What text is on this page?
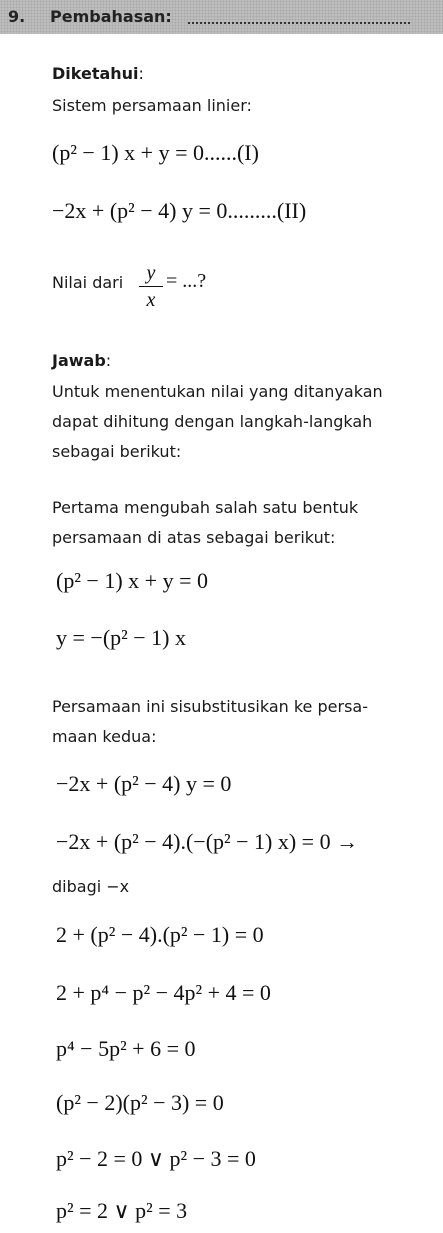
9. Pembahasan:
Diketahui:
Sistem persamaan linier:
(p² − 1) x + y = 0......(I)
−2x + (p² − 4) y = 0.........(II)
Nilai dari	y
x
= ...?
Jawab:
Untuk menentukan nilai yang ditanyakan
dapat dihitung dengan langkah-langkah
sebagai berikut:
Pertama mengubah salah satu bentuk
persamaan di atas sebagai berikut:
(p² − 1) x + y = 0
y = −(p² − 1) x
Persamaan ini sisubstitusikan ke persa-
maan kedua:
−2x + (p² − 4) y = 0
−2x + (p² − 4).(−(p² − 1) x) = 0 →
dibagi −x
2 + (p² − 4).(p² − 1) = 0
2 + p⁴ − p² − 4p² + 4 = 0
p⁴ − 5p² + 6 = 0
(p² − 2)(p² − 3) = 0
p² − 2 = 0 ∨ p² − 3 = 0
p² = 2 ∨ p² = 3
